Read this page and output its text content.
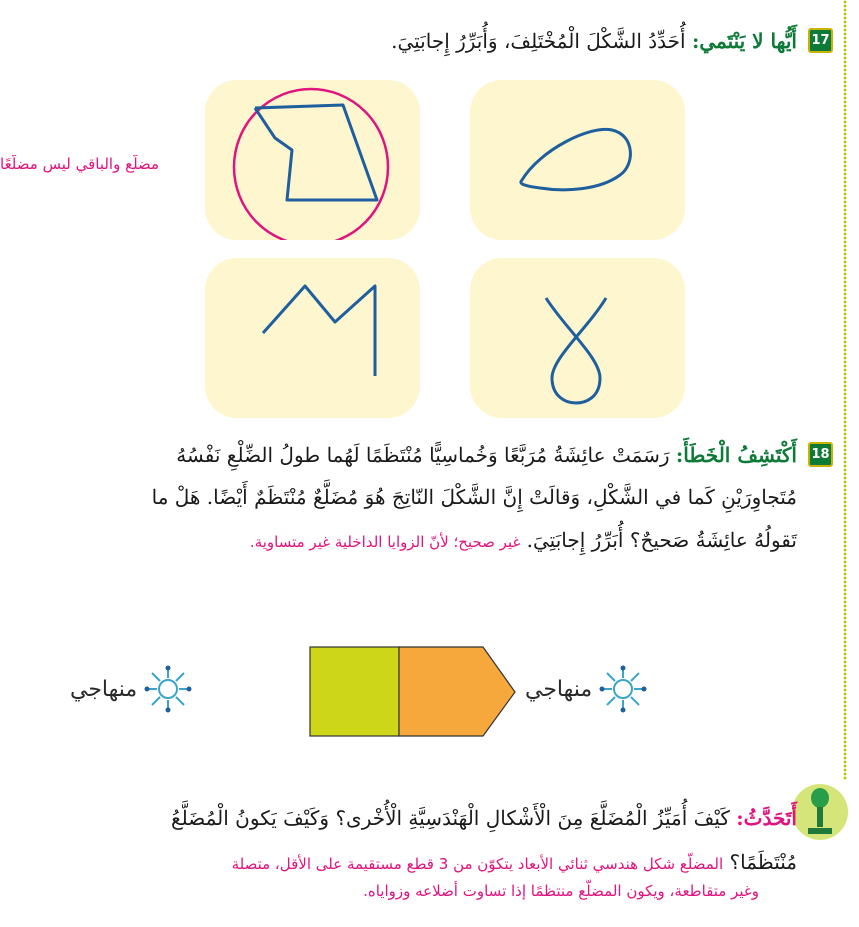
17
أَيُّها لا يَنْتَمي: أُحَدِّدُ الشَّكْلَ الْمُخْتَلِفَ، وَأُبَرِّرُ إِجابَتِيَ.
مضلّع والباقي ليس مضلّعًا
18
أَكْتَشِفُ الْخَطَأَ: رَسَمَتْ عائِشَةُ مُرَبَّعًا وَخُماسِيًّا مُنْتَظَمًا لَهُما طولُ الضِّلْعِ نَفْسُهُ
مُتَجاوِرَيْنِ كَما في الشَّكْلِ، وَقالَتْ إِنَّ الشَّكْلَ النّاتِجَ هُوَ مُضَلَّعٌ مُنْتَظَمٌ أَيْضًا. هَلْ ما
تَقولُهُ عائِشَةُ صَحيحٌ؟ أُبَرِّرُ إِجابَتِيَ. غير صحيح؛ لأنّ الزوايا الداخلية غير متساوية.
منهاجي	منهاجي
أَتَحَدَّثُ: كَيْفَ أُمَيِّزُ الْمُضَلَّعَ مِنَ الْأَشْكالِ الْهَنْدَسِيَّةِ الْأُخْرى؟ وَكَيْفَ يَكونُ الْمُضَلَّعُ
مُنْتَظَمًا؟ المضلّع شكل هندسي ثنائي الأبعاد يتكوّن من 3 قطع مستقيمة على الأقل، متصلة
وغير متقاطعة، ويكون المضلّع منتظمًا إذا تساوت أضلاعه وزواياه.
